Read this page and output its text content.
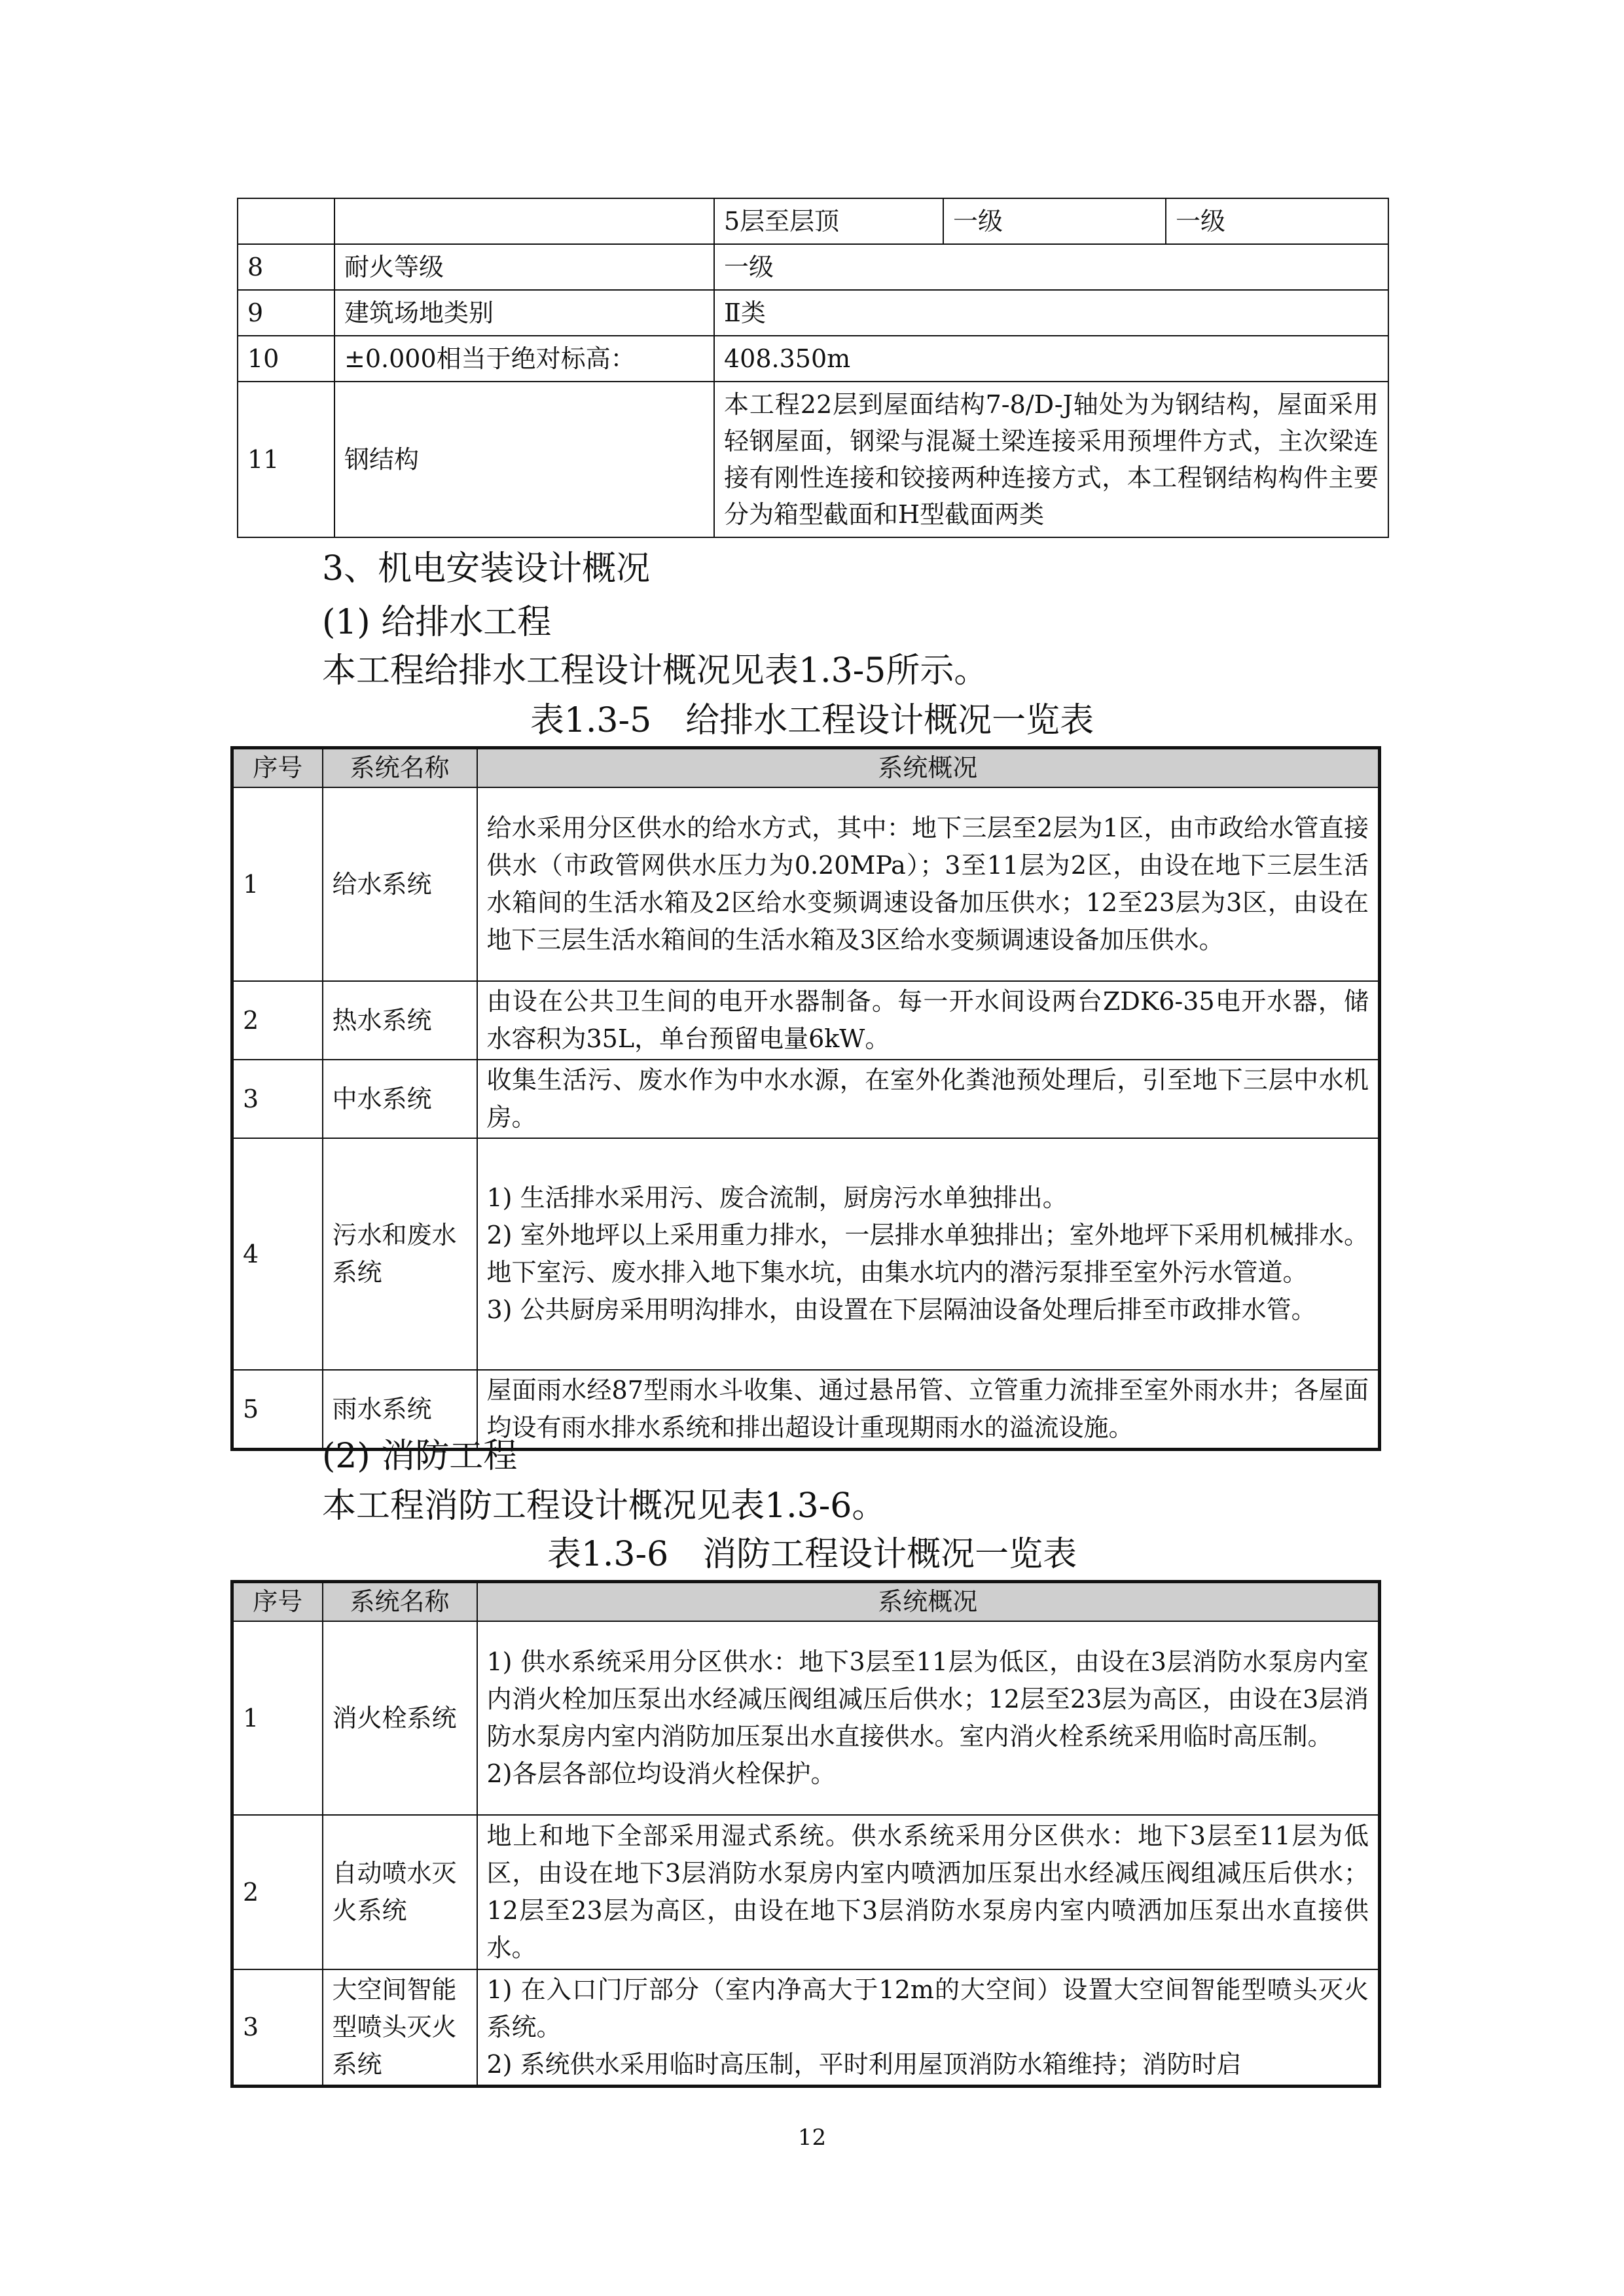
		5层至层顶	一级	一级
8	耐火等级	一级		
9	建筑场地类别	Ⅱ类		
10	±0.000相当于绝对标高：	408.350m		
11	钢结构	本工程22层到屋面结构7-8/D-J轴处为为钢结构，屋面采用轻钢屋面，钢梁与混凝土梁连接采用预埋件方式，主次梁连接有刚性连接和铰接两种连接方式，本工程钢结构构件主要分为箱型截面和H型截面两类		
3、机电安装设计概况
(1) 给排水工程
本工程给排水工程设计概况见表1.3-5所示。
表1.3-5　给排水工程设计概况一览表
序号	系统名称	系统概况
1	给水系统	给水采用分区供水的给水方式，其中：地下三层至2层为1区，由市政给水管直接供水（市政管网供水压力为0.20MPa）；3至11层为2区，由设在地下三层生活水箱间的生活水箱及2区给水变频调速设备加压供水；12至23层为3区，由设在地下三层生活水箱间的生活水箱及3区给水变频调速设备加压供水。
2	热水系统	由设在公共卫生间的电开水器制备。每一开水间设两台ZDK6-35电开水器，储水容积为35L，单台预留电量6kW。
3	中水系统	收集生活污、废水作为中水水源，在室外化粪池预处理后，引至地下三层中水机房。
4	污水和废水系统	1) 生活排水采用污、废合流制，厨房污水单独排出。
2) 室外地坪以上采用重力排水，一层排水单独排出；室外地坪下采用机械排水。地下室污、废水排入地下集水坑，由集水坑内的潜污泵排至室外污水管道。
3) 公共厨房采用明沟排水，由设置在下层隔油设备处理后排至市政排水管。

5	雨水系统	屋面雨水经87型雨水斗收集、通过悬吊管、立管重力流排至室外雨水井；各屋面均设有雨水排水系统和排出超设计重现期雨水的溢流设施。
(2) 消防工程
本工程消防工程设计概况见表1.3-6。
表1.3-6　消防工程设计概况一览表
序号	系统名称	系统概况
1	消火栓系统	1) 供水系统采用分区供水：地下3层至11层为低区，由设在3层消防水泵房内室内消火栓加压泵出水经减压阀组减压后供水；12层至23层为高区，由设在3层消防水泵房内室内消防加压泵出水直接供水。室内消火栓系统采用临时高压制。
2)各层各部位均设消火栓保护。

2	自动喷水灭火系统	地上和地下全部采用湿式系统。供水系统采用分区供水：地下3层至11层为低区，由设在地下3层消防水泵房内室内喷洒加压泵出水经减压阀组减压后供水；12层至23层为高区，由设在地下3层消防水泵房内室内喷洒加压泵出水直接供水。
3	大空间智能型喷头灭火系统	1) 在入口门厅部分（室内净高大于12m的大空间）设置大空间智能型喷头灭火系统。
2) 系统供水采用临时高压制，平时利用屋顶消防水箱维持；消防时启
12
